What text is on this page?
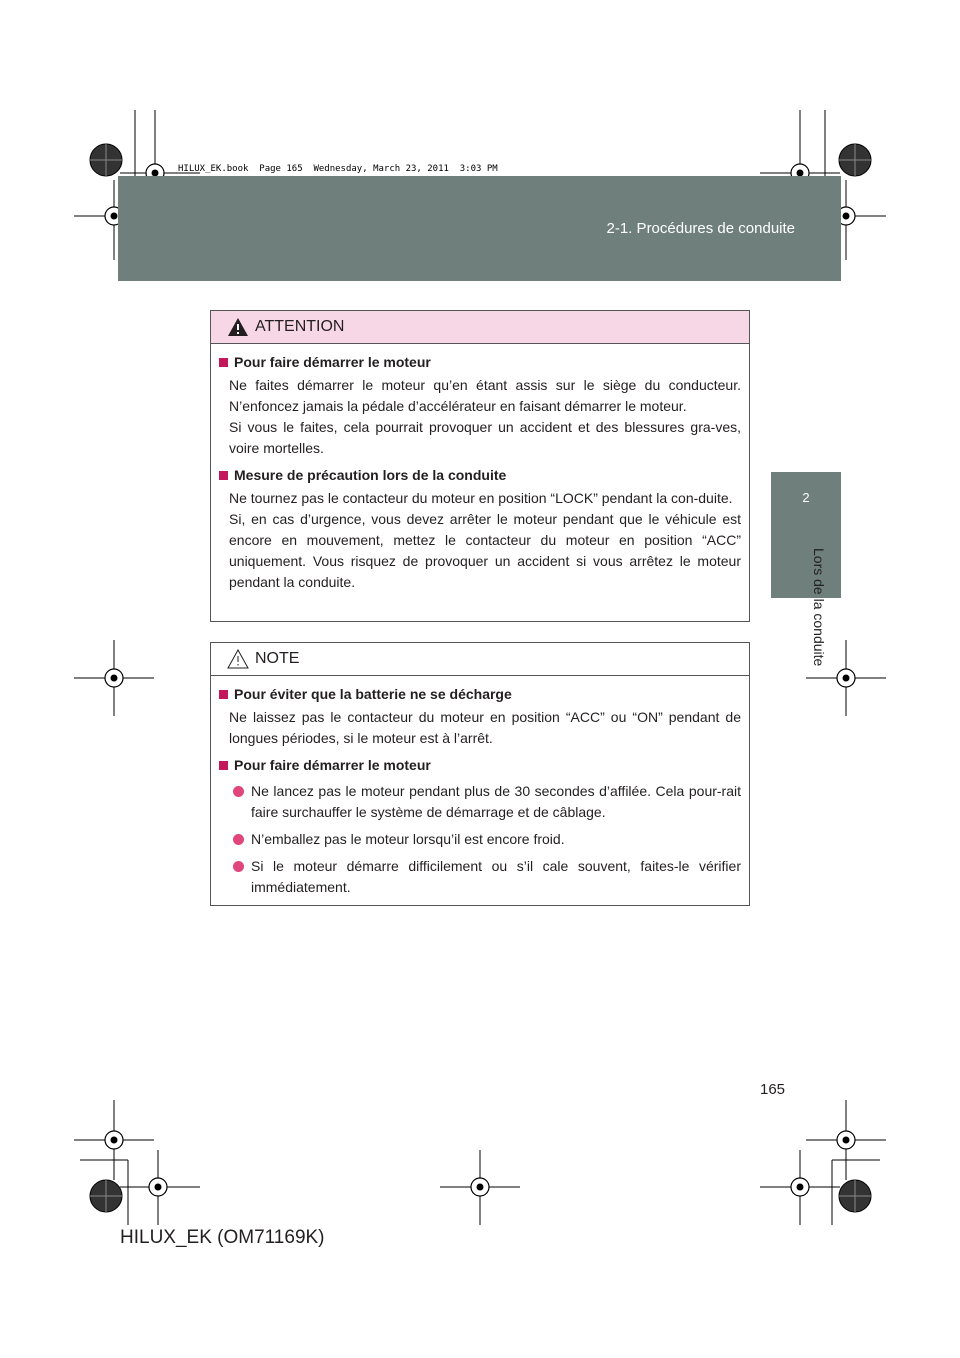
2-1. Procédures de conduite
HILUX_EK.book  Page 165  Wednesday, March 23, 2011  3:03 PM
2
Lors de la conduite
ATTENTION
Pour faire démarrer le moteur
Ne faites démarrer le moteur qu’en étant assis sur le siège du conducteur. N’enfoncez jamais la pédale d’accélérateur en faisant démarrer le moteur.
Si vous le faites, cela pourrait provoquer un accident et des blessures gra-ves, voire mortelles.
Mesure de précaution lors de la conduite
Ne tournez pas le contacteur du moteur en position “LOCK” pendant la con-duite.
Si, en cas d’urgence, vous devez arrêter le moteur pendant que le véhicule est encore en mouvement, mettez le contacteur du moteur en position “ACC” uniquement. Vous risquez de provoquer un accident si vous arrêtez le moteur pendant la conduite.
NOTE
Pour éviter que la batterie ne se décharge
Ne laissez pas le contacteur du moteur en position “ACC” ou “ON” pendant de longues périodes, si le moteur est à l’arrêt.
Pour faire démarrer le moteur
Ne lancez pas le moteur pendant plus de 30 secondes d’affilée. Cela pour-rait faire surchauffer le système de démarrage et de câblage.
N’emballez pas le moteur lorsqu’il est encore froid.
Si le moteur démarre difficilement ou s’il cale souvent, faites-le vérifier immédiatement.
165
HILUX_EK (OM71169K)
